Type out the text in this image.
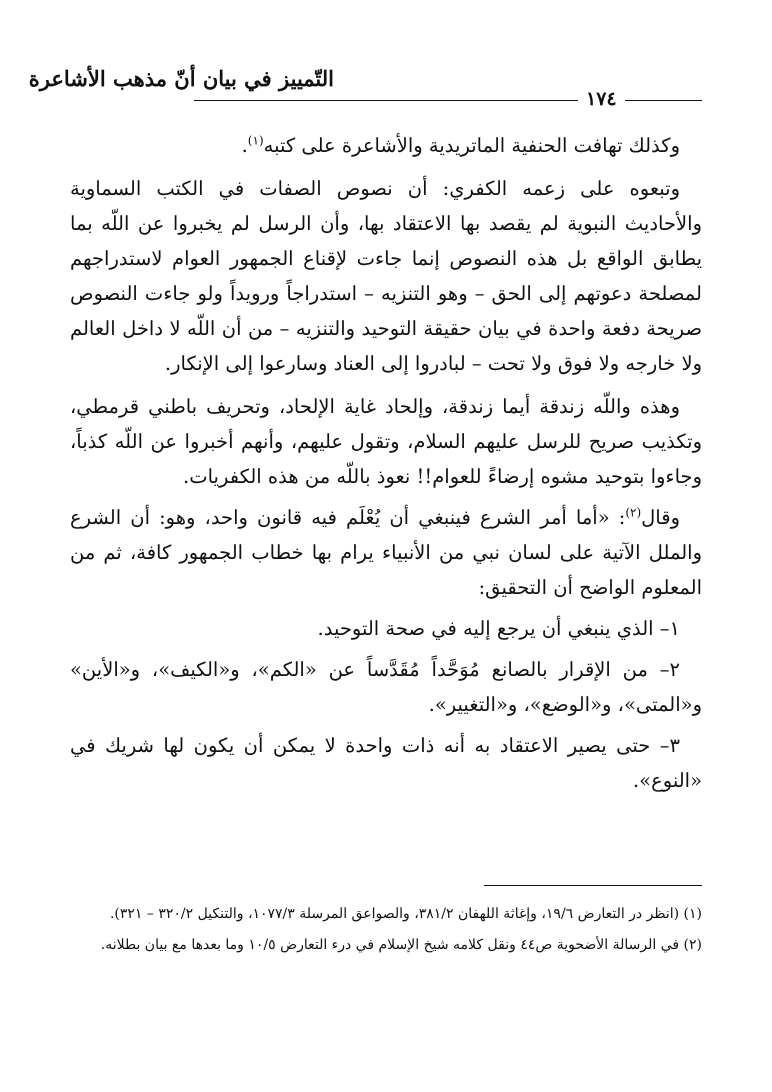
التّمييز في بيان أنّ مذهب الأشاعرة
١٧٤

وكذلك تهافت الحنفية الماتريدية والأشاعرة على كتبه$^{(١)}$.

وتبعوه على زعمه الكفري: أن نصوص الصفات في الكتب السماوية والأحاديث النبوية لم يقصد بها الاعتقاد بها، وأن الرسل لم يخبروا عن اللّه بما يطابق الواقع بل هذه النصوص إنما جاءت لإقناع الجمهور العوام لاستدراجهم لمصلحة دعوتهم إلى الحق – وهو التنزيه – استدراجاً ورويداً ولو جاءت النصوص صريحة دفعة واحدة في بيان حقيقة التوحيد والتنزيه – من أن اللّه لا داخل العالم ولا خارجه ولا فوق ولا تحت – لبادروا إلى العناد وسارعوا إلى الإنكار.

وهذه واللّه زندقة أيما زندقة، وإلحاد غاية الإلحاد، وتحريف باطني قرمطي، وتكذيب صريح للرسل عليهم السلام، وتقول عليهم، وأنهم أخبروا عن اللّه كذباً، وجاءوا بتوحيد مشوه إرضاءً للعوام!! نعوذ باللّه من هذه الكفريات.

وقال$^{(٢)}$: «أما أمر الشرع فينبغي أن يُعْلَم فيه قانون واحد، وهو: أن الشرع والملل الآتية على لسان نبي من الأنبياء يرام بها خطاب الجمهور كافة، ثم من المعلوم الواضح أن التحقيق:

١– الذي ينبغي أن يرجع إليه في صحة التوحيد.

٢– من الإقرار بالصانع مُوَحَّداً مُقَدَّساً عن «الكم»، و«الكيف»، و«الأين» و«المتى»، و«الوضع»، و«التغيير».

٣– حتى يصير الاعتقاد به أنه ذات واحدة لا يمكن أن يكون لها شريك في «النوع».

(١) (انظر در التعارض ١٩/٦، وإغاثة اللهفان ٣٨١/٢، والصواعق المرسلة ١٠٧٧/٣، والتنكيل ٣٢٠/٢ – ٣٢١).

(٢) في الرسالة الأضحوية ص٤٤ ونقل كلامه شيخ الإسلام في درء التعارض ١٠/٥ وما بعدها مع بيان بطلانه.
